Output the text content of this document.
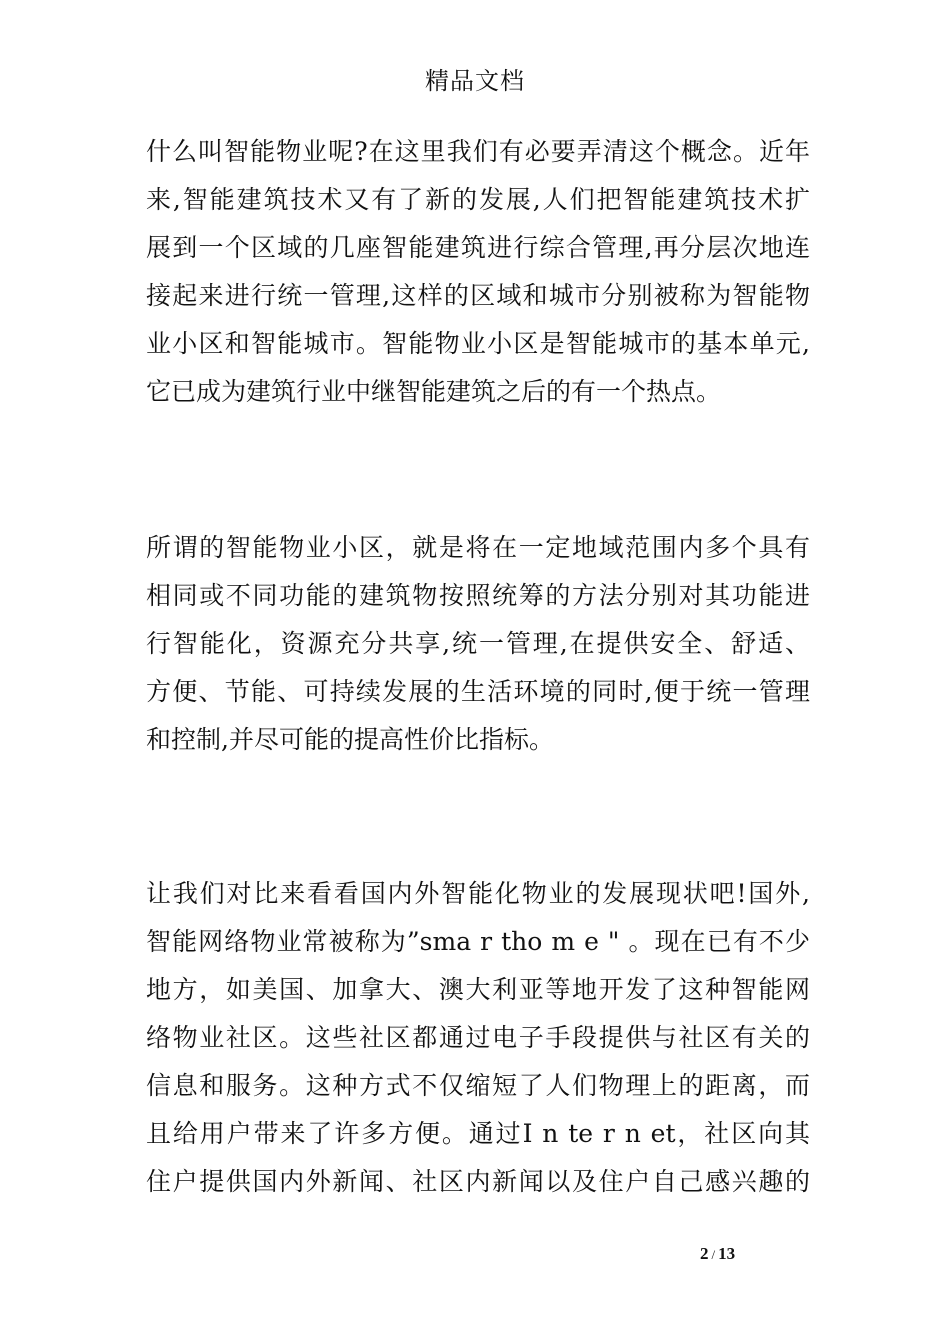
精品文档
什么叫智能物业呢?在这里我们有必要弄清这个概念。近年
来,智能建筑技术又有了新的发展,人们把智能建筑技术扩
展到一个区域的几座智能建筑进行综合管理,再分层次地连
接起来进行统一管理,这样的区域和城市分别被称为智能物
业小区和智能城市。智能物业小区是智能城市的基本单元,
它已成为建筑行业中继智能建筑之后的有一个热点。
所谓的智能物业小区，就是将在一定地域范围内多个具有
相同或不同功能的建筑物按照统筹的方法分别对其功能进
行智能化，资源充分共享,统一管理,在提供安全、舒适、
方便、节能、可持续发展的生活环境的同时,便于统一管理
和控制,并尽可能的提高性价比指标。
让我们对比来看看国内外智能化物业的发展现状吧!国外,
智能网络物业常被称为”sma r tho m e " 。现在已有不少
地方，如美国、加拿大、澳大利亚等地开发了这种智能网
络物业社区。这些社区都通过电子手段提供与社区有关的
信息和服务。这种方式不仅缩短了人们物理上的距离，而
且给用户带来了许多方便。通过I n te r n et，社区向其
住户提供国内外新闻、社区内新闻以及住户自己感兴趣的
2 / 13
